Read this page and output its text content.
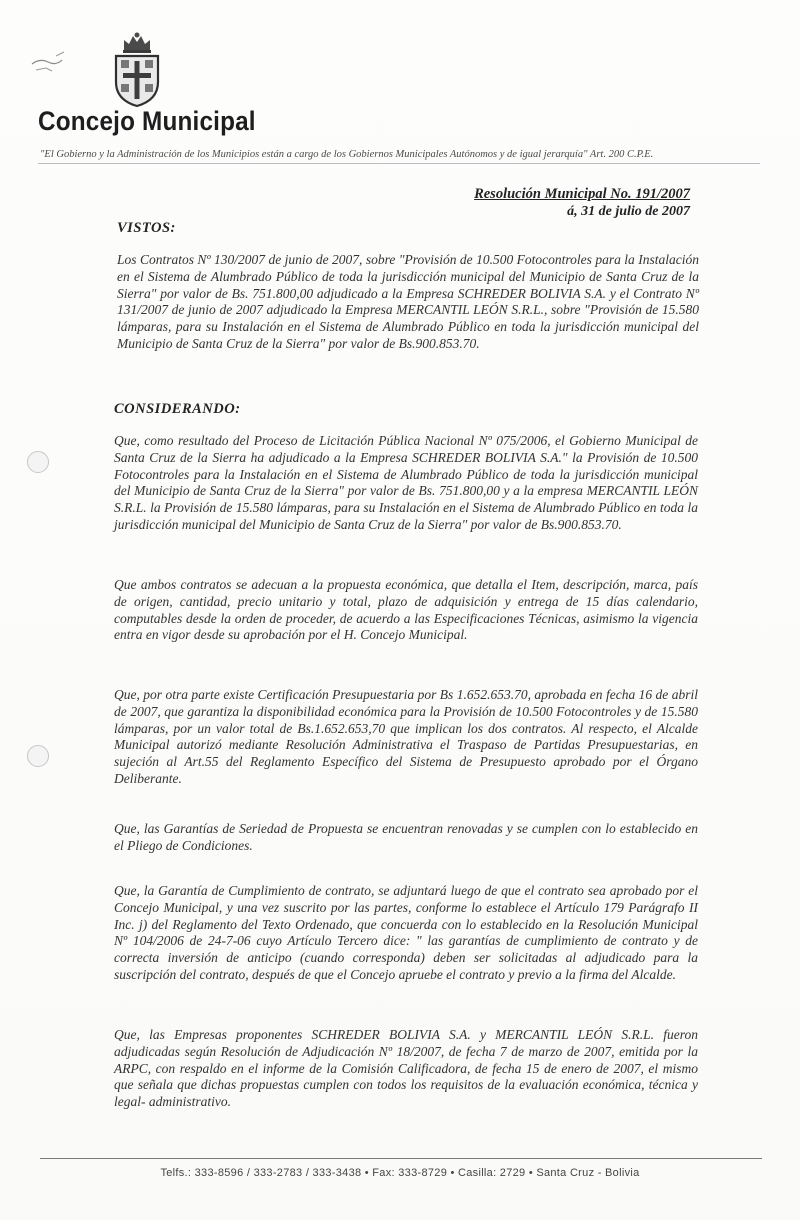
Concejo Municipal

"El Gobierno y la Administración de los Municipios están a cargo de los Gobiernos Municipales Autónomos y de igual jerarquía" Art. 200 C.P.E.

Resolución Municipal No. 191/2007

á, 31 de julio de 2007

VISTOS:

Los Contratos Nº 130/2007 de junio de 2007, sobre "Provisión de 10.500 Fotocontroles para la Instalación en el Sistema de Alumbrado Público de toda la jurisdicción municipal del Municipio de Santa Cruz de la Sierra" por valor de Bs. 751.800,00 adjudicado a la Empresa SCHREDER BOLIVIA S.A. y el Contrato Nº 131/2007 de junio de 2007 adjudicado la Empresa MERCANTIL LEÓN S.R.L., sobre "Provisión de 15.580 lámparas, para su Instalación en el Sistema de Alumbrado Público en toda la jurisdicción municipal del Municipio de Santa Cruz de la Sierra" por valor de Bs.900.853.70.

CONSIDERANDO:

Que, como resultado del Proceso de Licitación Pública Nacional Nº 075/2006, el Gobierno Municipal de Santa Cruz de la Sierra ha adjudicado a la Empresa SCHREDER BOLIVIA S.A." la Provisión de 10.500 Fotocontroles para la Instalación en el Sistema de Alumbrado Público de toda la jurisdicción municipal del Municipio de Santa Cruz de la Sierra" por valor de Bs. 751.800,00 y a la empresa MERCANTIL LEÓN S.R.L. la Provisión de 15.580 lámparas, para su Instalación en el Sistema de Alumbrado Público en toda la jurisdicción municipal del Municipio de Santa Cruz de la Sierra" por valor de Bs.900.853.70.

Que ambos contratos se adecuan a la propuesta económica, que detalla el Item, descripción, marca, país de origen, cantidad, precio unitario y total, plazo de adquisición y entrega de 15 días calendario, computables desde la orden de proceder, de acuerdo a las Especificaciones Técnicas, asimismo la vigencia entra en vigor desde su aprobación por el H. Concejo Municipal.

Que, por otra parte existe Certificación Presupuestaria por Bs 1.652.653.70, aprobada en fecha 16 de abril de 2007, que garantiza la disponibilidad económica para la Provisión de 10.500 Fotocontroles y de 15.580 lámparas, por un valor total de Bs.1.652.653,70 que implican los dos contratos. Al respecto, el Alcalde Municipal autorizó mediante Resolución Administrativa el Traspaso de Partidas Presupuestarias, en sujeción al Art.55 del Reglamento Específico del Sistema de Presupuesto aprobado por el Órgano Deliberante.

Que, las Garantías de Seriedad de Propuesta se encuentran renovadas y se cumplen con lo establecido en el Pliego de Condiciones.

Que, la Garantía de Cumplimiento de contrato, se adjuntará luego de que el contrato sea aprobado por el Concejo Municipal, y una vez suscrito por las partes, conforme lo establece el Artículo 179 Parágrafo II Inc. j) del Reglamento del Texto Ordenado, que concuerda con lo establecido en la Resolución Municipal Nº 104/2006 de 24-7-06 cuyo Artículo Tercero dice: " las garantías de cumplimiento de contrato y de correcta inversión de anticipo (cuando corresponda) deben ser solicitadas al adjudicado para la suscripción del contrato, después de que el Concejo apruebe el contrato y previo a la firma del Alcalde.

Que, las Empresas proponentes SCHREDER BOLIVIA S.A. y MERCANTIL LEÓN S.R.L. fueron adjudicadas según Resolución de Adjudicación Nº 18/2007, de fecha 7 de marzo de 2007, emitida por la ARPC, con respaldo en el informe de la Comisión Calificadora, de fecha 15 de enero de 2007, el mismo que señala que dichas propuestas cumplen con todos los requisitos de la evaluación económica, técnica y legal- administrativo.

Telfs.: 333-8596 / 333-2783 / 333-3438 • Fax: 333-8729 • Casilla: 2729 • Santa Cruz - Bolivia
